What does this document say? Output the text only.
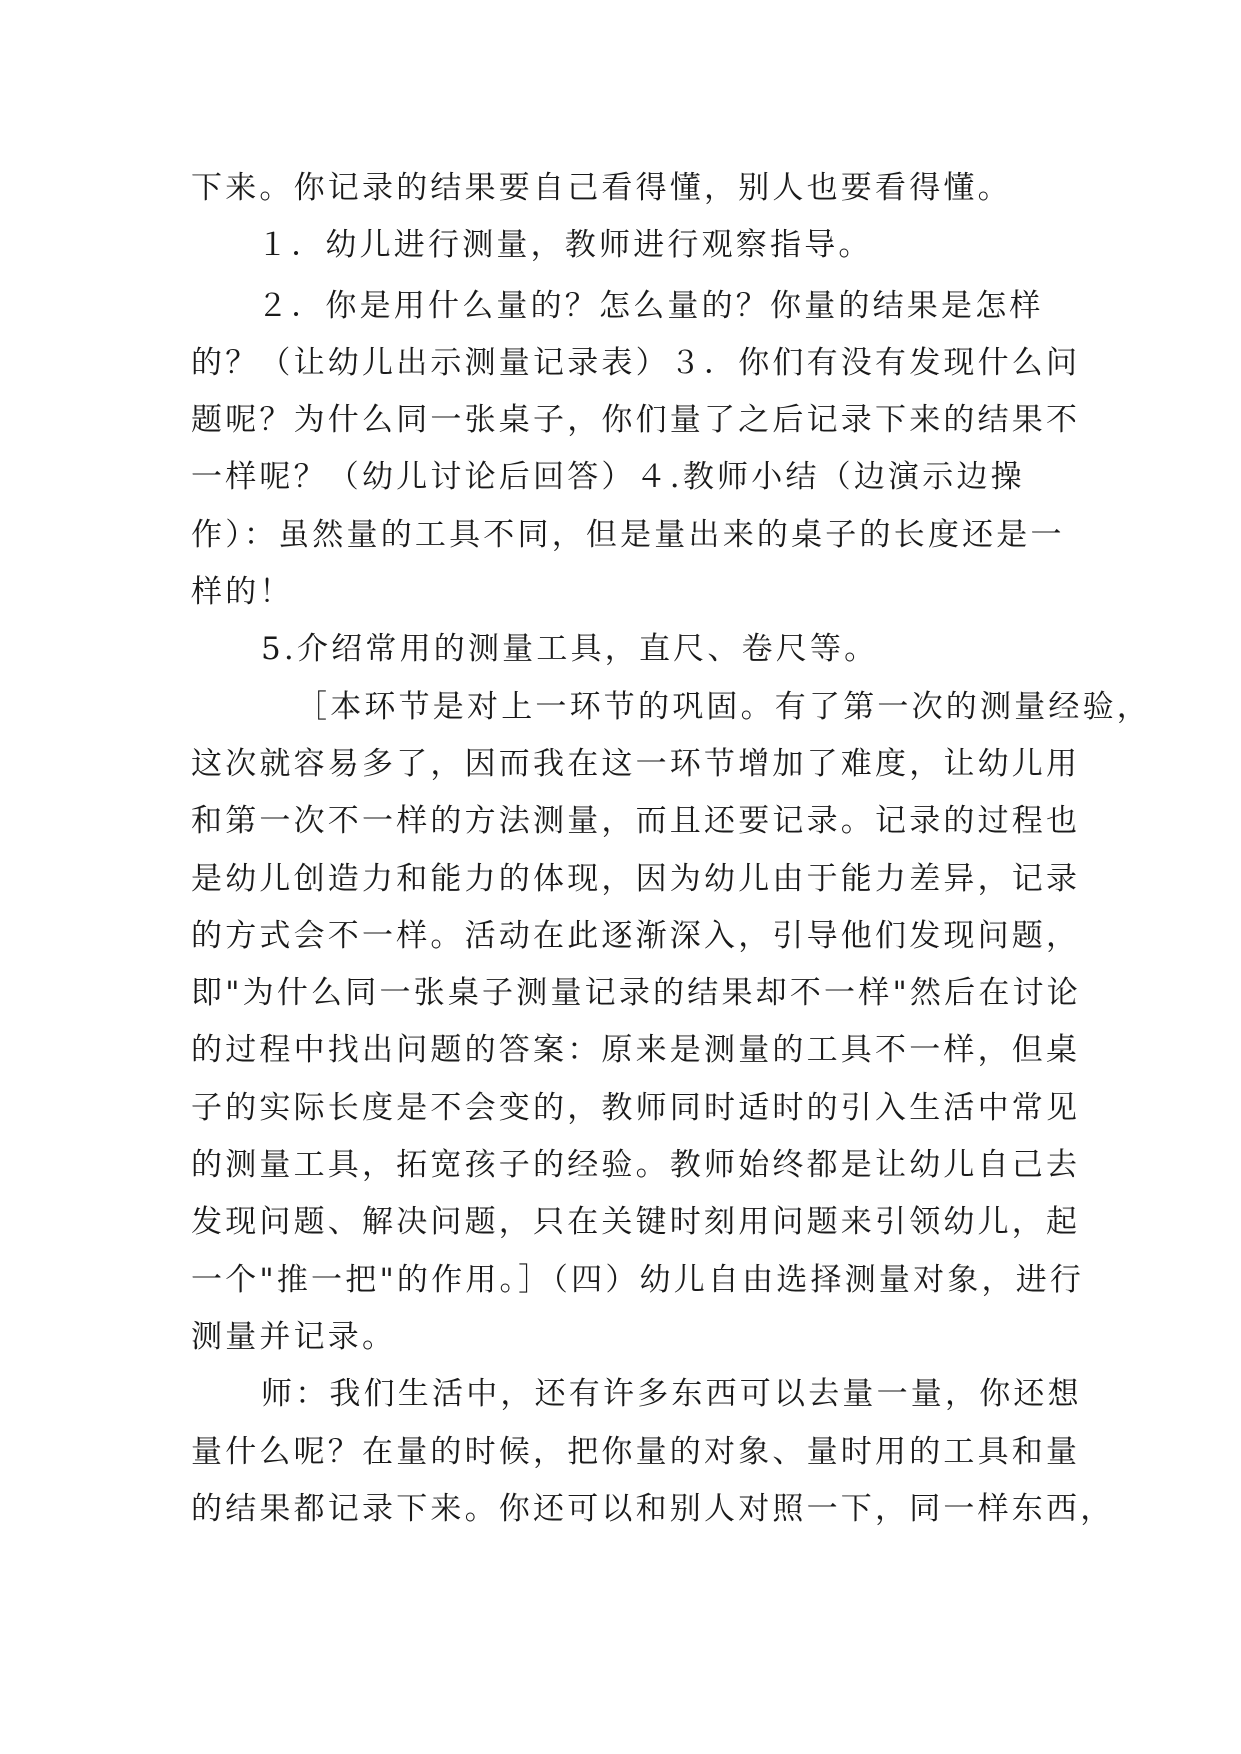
下来。你记录的结果要自己看得懂，别人也要看得懂。
１．幼儿进行测量，教师进行观察指导。
２．你是用什么量的？怎么量的？你量的结果是怎样
的？（让幼儿出示测量记录表）３．你们有没有发现什么问
题呢？为什么同一张桌子，你们量了之后记录下来的结果不
一样呢？（幼儿讨论后回答）４.教师小结（边演示边操
作）：虽然量的工具不同，但是量出来的桌子的长度还是一
样的！
5.介绍常用的测量工具，直尺、卷尺等。
［本环节是对上一环节的巩固。有了第一次的测量经验，
这次就容易多了，因而我在这一环节增加了难度，让幼儿用
和第一次不一样的方法测量，而且还要记录。记录的过程也
是幼儿创造力和能力的体现，因为幼儿由于能力差异，记录
的方式会不一样。活动在此逐渐深入，引导他们发现问题，
即"为什么同一张桌子测量记录的结果却不一样"然后在讨论
的过程中找出问题的答案：原来是测量的工具不一样，但桌
子的实际长度是不会变的，教师同时适时的引入生活中常见
的测量工具，拓宽孩子的经验。教师始终都是让幼儿自己去
发现问题、解决问题，只在关键时刻用问题来引领幼儿，起
一个"推一把"的作用。］（四）幼儿自由选择测量对象，进行
测量并记录。
师：我们生活中，还有许多东西可以去量一量，你还想
量什么呢？在量的时候，把你量的对象、量时用的工具和量
的结果都记录下来。你还可以和别人对照一下，同一样东西，
